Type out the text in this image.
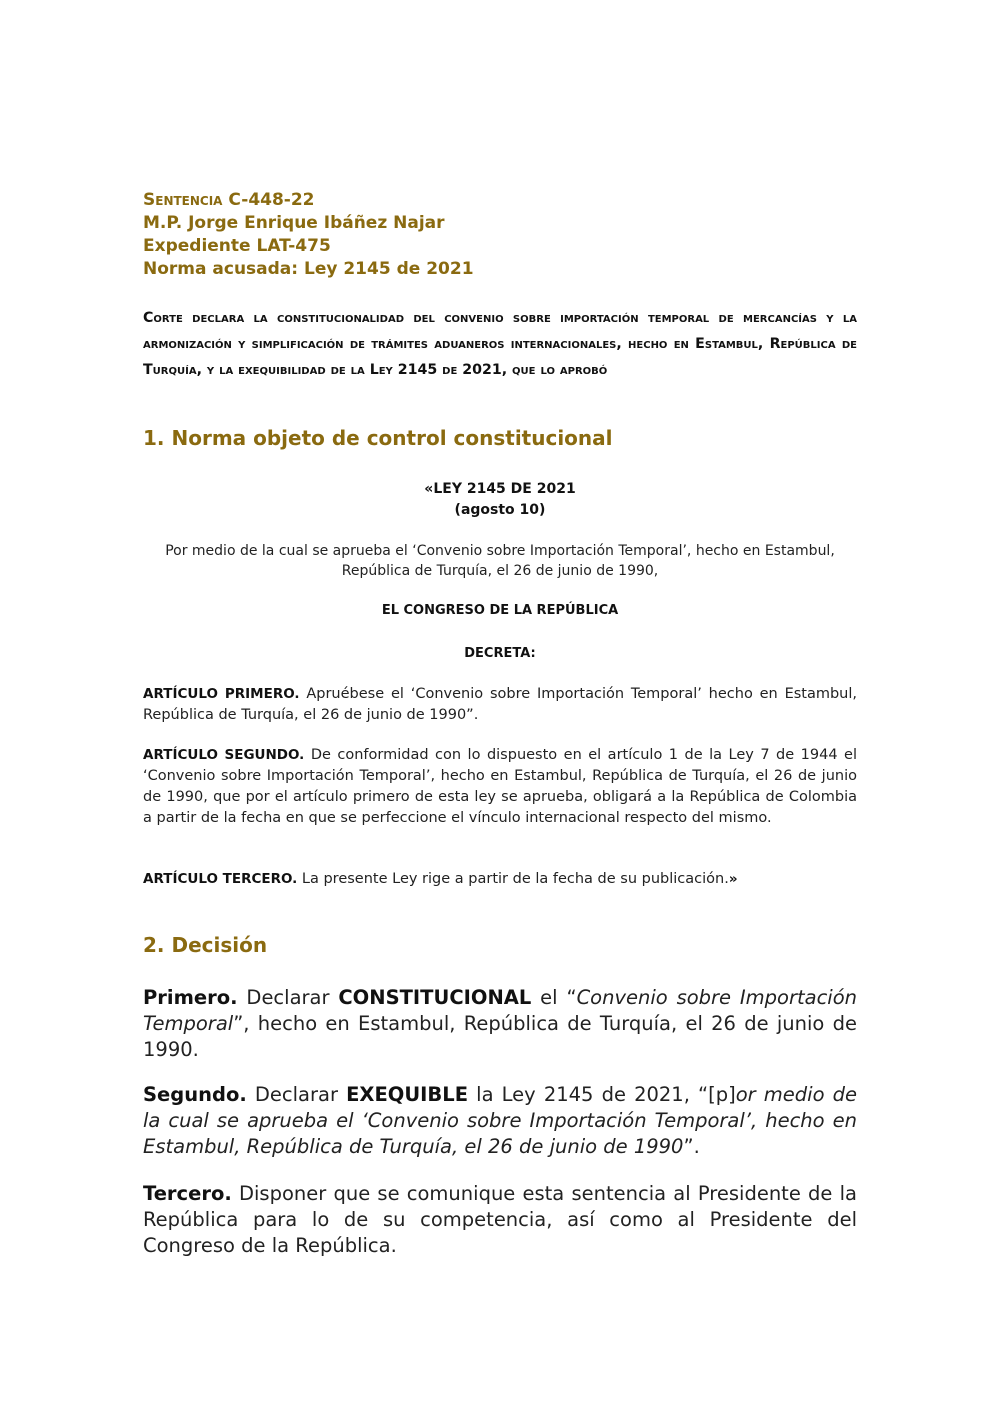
Sentencia C-448-22
M.P. Jorge Enrique Ibáñez Najar
Expediente LAT-475
Norma acusada: Ley 2145 de 2021
Corte declara la constitucionalidad del convenio sobre importación temporal de mercancías y la armonización y simplificación de trámites aduaneros internacionales, hecho en Estambul, República de Turquía, y la exequibilidad de la Ley 2145 de 2021, que lo aprobó
1. Norma objeto de control constitucional
«LEY 2145 DE 2021
(agosto 10)
Por medio de la cual se aprueba el ‘Convenio sobre Importación Temporal’, hecho en Estambul, República de Turquía, el 26 de junio de 1990,
EL CONGRESO DE LA REPÚBLICA
DECRETA:
ARTÍCULO PRIMERO. Apruébese el ‘Convenio sobre Importación Temporal’ hecho en Estambul, República de Turquía, el 26 de junio de 1990”.
ARTÍCULO SEGUNDO. De conformidad con lo dispuesto en el artículo 1 de la Ley 7 de 1944 el ‘Convenio sobre Importación Temporal’, hecho en Estambul, República de Turquía, el 26 de junio de 1990, que por el artículo primero de esta ley se aprueba, obligará a la República de Colombia a partir de la fecha en que se perfeccione el vínculo internacional respecto del mismo.
ARTÍCULO TERCERO. La presente Ley rige a partir de la fecha de su publicación.»
2. Decisión
Primero. Declarar CONSTITUCIONAL el “Convenio sobre Importación Temporal”, hecho en Estambul, República de Turquía, el 26 de junio de 1990.
Segundo. Declarar EXEQUIBLE la Ley 2145 de 2021, “[p]or medio de la cual se aprueba el ‘Convenio sobre Importación Temporal’, hecho en Estambul, República de Turquía, el 26 de junio de 1990”.
Tercero. Disponer que se comunique esta sentencia al Presidente de la República para lo de su competencia, así como al Presidente del Congreso de la República.
